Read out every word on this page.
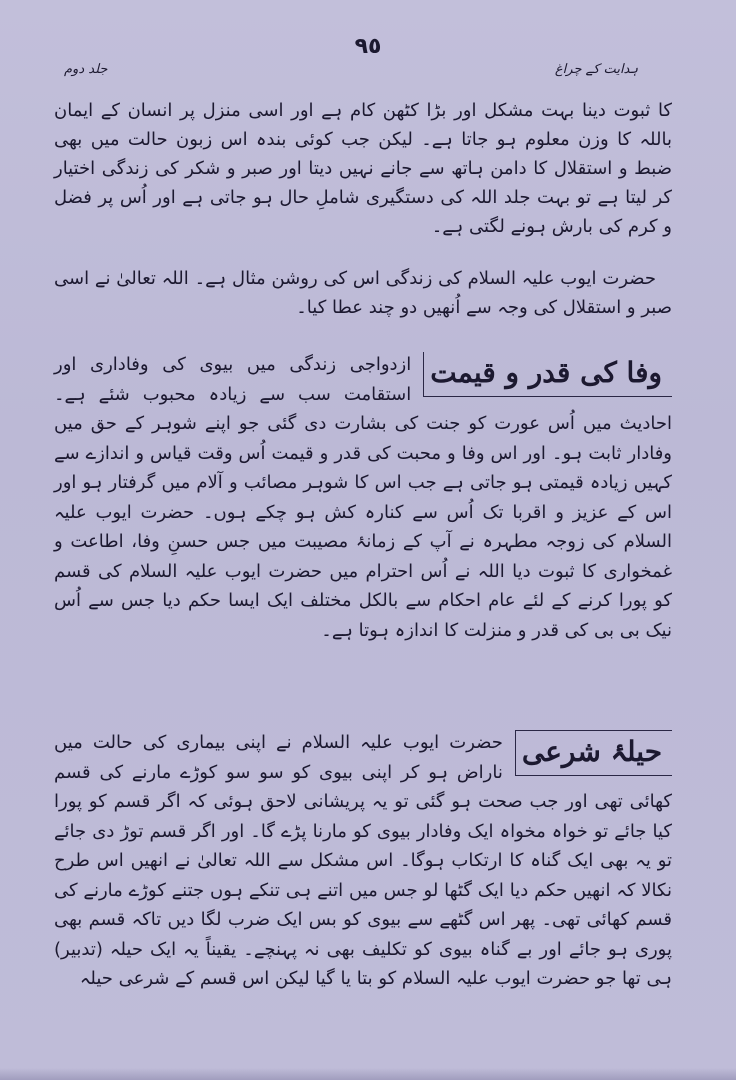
٩٥
ہدایت کے چراغ
جلد دوم

کا ثبوت دینا بہت مشکل اور بڑا کٹھن کام ہے اور اسی منزل پر انسان کے ایمان باللہ کا وزن معلوم ہو جاتا ہے۔ لیکن جب کوئی بندہ اس زبون حالت میں بھی ضبط و استقلال کا دامن ہاتھ سے جانے نہیں دیتا اور صبر و شکر کی زندگی اختیار کر لیتا ہے تو بہت جلد اللہ کی دستگیری شاملِ حال ہو جاتی ہے اور اُس پر فضل و کرم کی بارش ہونے لگتی ہے۔

حضرت ایوب علیہ السلام کی زندگی اس کی روشن مثال ہے۔ اللہ تعالیٰ نے اسی صبر و استقلال کی وجہ سے اُنھیں دو چند عطا کیا۔

وفا کی قدر و قیمت

ازدواجی زندگی میں بیوی کی وفاداری اور استقامت سب سے زیادہ محبوب شئے ہے۔ احادیث میں اُس عورت کو جنت کی بشارت دی گئی جو اپنے شوہر کے حق میں وفادار ثابت ہو۔ اور اس وفا و محبت کی قدر و قیمت اُس وقت قیاس و اندازے سے کہیں زیادہ قیمتی ہو جاتی ہے جب اس کا شوہر مصائب و آلام میں گرفتار ہو اور اس کے عزیز و اقربا تک اُس سے کنارہ کش ہو چکے ہوں۔ حضرت ایوب علیہ السلام کی زوجہ مطہرہ نے آپ کے زمانۂ مصیبت میں جس حسنِ وفا، اطاعت و غمخواری کا ثبوت دیا اللہ نے اُس احترام میں حضرت ایوب علیہ السلام کی قسم کو پورا کرنے کے لئے عام احکام سے بالکل مختلف ایک ایسا حکم دیا جس سے اُس نیک بی بی کی قدر و منزلت کا اندازہ ہوتا ہے۔

حیلۂ شرعی

حضرت ایوب علیہ السلام نے اپنی بیماری کی حالت میں ناراض ہو کر اپنی بیوی کو سو سو کوڑے مارنے کی قسم کھائی تھی اور جب صحت ہو گئی تو یہ پریشانی لاحق ہوئی کہ اگر قسم کو پورا کیا جائے تو خواہ مخواہ ایک وفادار بیوی کو مارنا پڑے گا۔ اور اگر قسم توڑ دی جائے تو یہ بھی ایک گناہ کا ارتکاب ہوگا۔ اس مشکل سے اللہ تعالیٰ نے انھیں اس طرح نکالا کہ انھیں حکم دیا ایک گٹھا لو جس میں اتنے ہی تنکے ہوں جتنے کوڑے مارنے کی قسم کھائی تھی۔ پھر اس گٹھے سے بیوی کو بس ایک ضرب لگا دیں تاکہ قسم بھی پوری ہو جائے اور بے گناہ بیوی کو تکلیف بھی نہ پہنچے۔ یقیناً یہ ایک حیلہ (تدبیر) ہی تھا جو حضرت ایوب علیہ السلام کو بتا یا گیا لیکن اس قسم کے شرعی حیلہ
